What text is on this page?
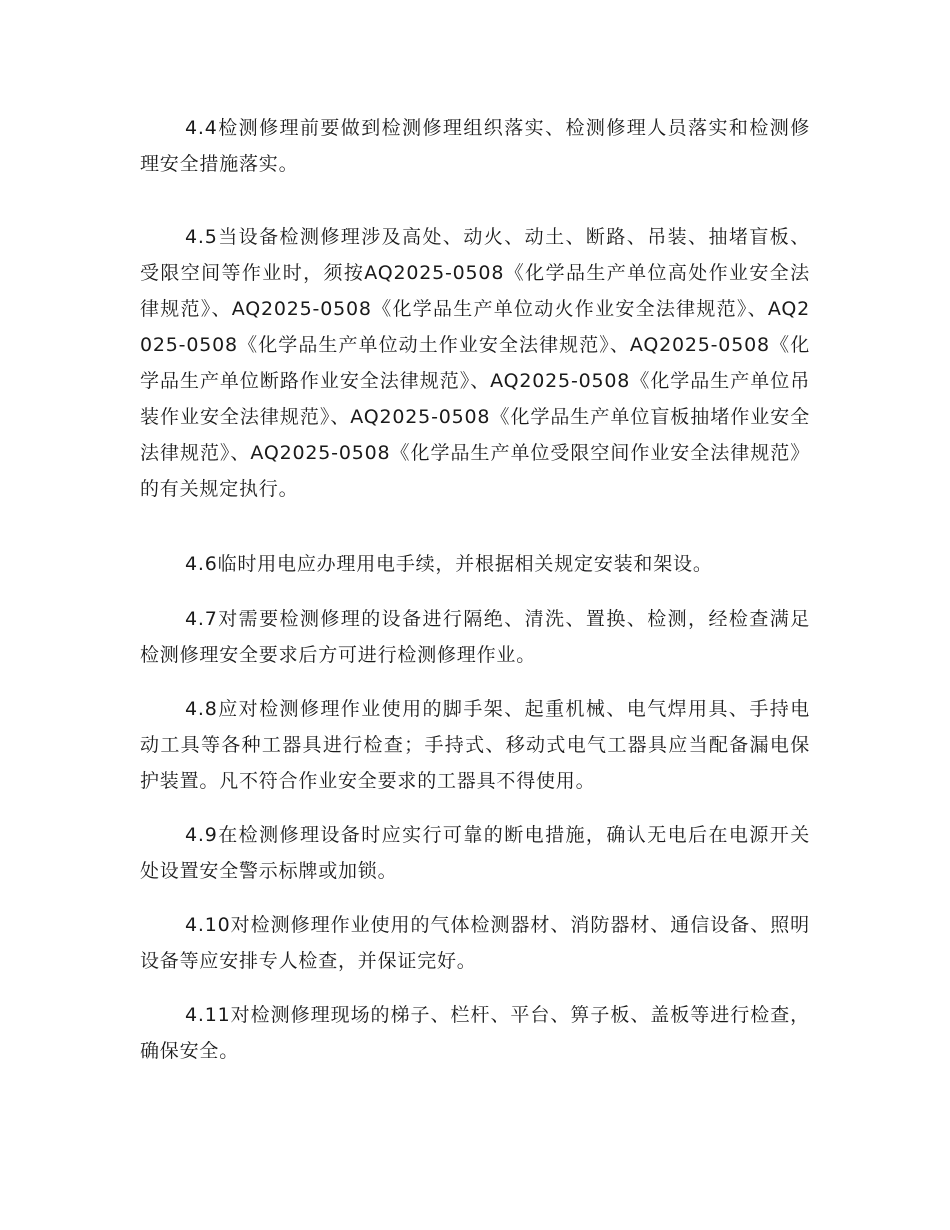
4.4检测修理前要做到检测修理组织落实、检测修理人员落实和检测修理安全措施落实。

4.5当设备检测修理涉及高处、动火、动土、断路、吊装、抽堵盲板、受限空间等作业时，须按AQ2025-0508《化学品生产单位高处作业安全法律规范》、AQ2025-0508《化学品生产单位动火作业安全法律规范》、AQ2025-0508《化学品生产单位动土作业安全法律规范》、AQ2025-0508《化学品生产单位断路作业安全法律规范》、AQ2025-0508《化学品生产单位吊装作业安全法律规范》、AQ2025-0508《化学品生产单位盲板抽堵作业安全法律规范》、AQ2025-0508《化学品生产单位受限空间作业安全法律规范》的有关规定执行。

4.6临时用电应办理用电手续，并根据相关规定安装和架设。

4.7对需要检测修理的设备进行隔绝、清洗、置换、检测，经检查满足检测修理安全要求后方可进行检测修理作业。

4.8应对检测修理作业使用的脚手架、起重机械、电气焊用具、手持电动工具等各种工器具进行检查；手持式、移动式电气工器具应当配备漏电保护装置。凡不符合作业安全要求的工器具不得使用。

4.9在检测修理设备时应实行可靠的断电措施，确认无电后在电源开关处设置安全警示标牌或加锁。

4.10对检测修理作业使用的气体检测器材、消防器材、通信设备、照明设备等应安排专人检查，并保证完好。

4.11对检测修理现场的梯子、栏杆、平台、箅子板、盖板等进行检查，确保安全。
